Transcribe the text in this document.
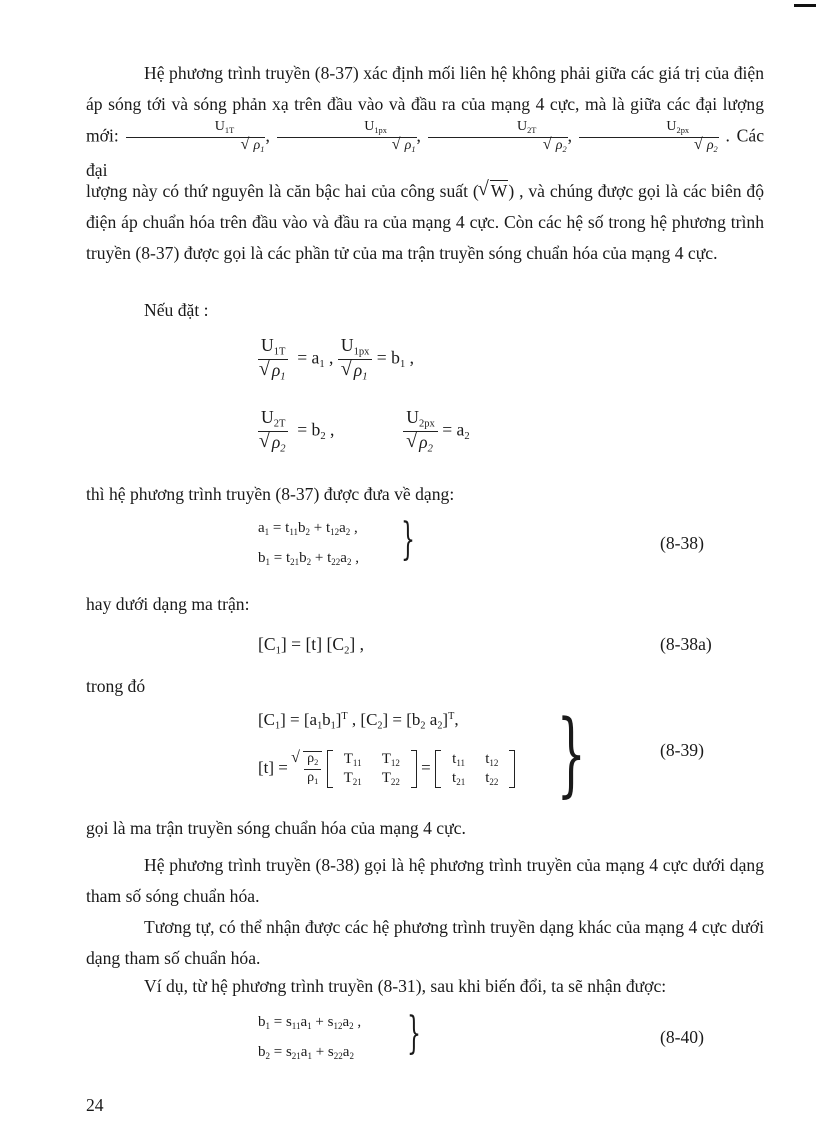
Hệ phương trình truyền (8-37) xác định mối liên hệ không phải giữa các giá trị của điện áp sóng tới và sóng phản xạ trên đầu vào và đầu ra của mạng 4 cực, mà là giữa các đại lượng mới: $U_{1T}$
√ $\rho_1$ , $U_{1px}$
√ $\rho_1$ , $U_{2T}$
√ $\rho_2$ , $U_{2px}$
√ $\rho_2$ . Các đại
lượng này có thứ nguyên là căn bậc hai của công suất ( √ W) , và chúng được gọi là các biên độ điện áp chuẩn hóa trên đầu vào và đầu ra của mạng 4 cực. Còn các hệ số trong hệ phương trình truyền (8-37) được gọi là các phần tử của ma trận truyền sóng chuẩn hóa của mạng 4 cực.
Nếu đặt :
$U_{1T}$
√ $\rho_1 = a_1$ , $U_{1px}$
√ $\rho_1 = b_1$ ,
$U_{2T}$
√ $\rho_2 = b_2$ ,	$U_{2px}$
√ $\rho_2 = a_2$
thì hệ phương trình truyền (8-37) được đưa về dạng:
$a_1 = t_{11}b_2 + t_{12}a_2$ ,
$b_1 = t_{21}b_2 + t_{22}a_2$ , }	(8-38)
hay dưới dạng ma trận:
$[C_1] = [t]$ $[C_2]$ ,	(8-38a)
trong đó
$[C_1] = [a_1b_1]^T$ , $[C_2] = [b_2$ $a_2]^T$,
[t] = √ $\frac{\rho_2}{\rho_1}$
$T_{11}$	$T_{12}$
$T_{21}$	$T_{22}$
= $t_{11}$	$t_{12}$
$t_{21}$	$t_{22}$ }	(8-39)
gọi là ma trận truyền sóng chuẩn hóa của mạng 4 cực.
Hệ phương trình truyền (8-38) gọi là hệ phương trình truyền của mạng 4 cực dưới dạng tham số sóng chuẩn hóa.
Tương tự, có thể nhận được các hệ phương trình truyền dạng khác của mạng 4 cực dưới dạng tham số chuẩn hóa.
Ví dụ, từ hệ phương trình truyền (8-31), sau khi biến đổi, ta sẽ nhận được:
$b_1 = s_{11}a_1 + s_{12}a_2$ ,
$b_2 = s_{21}a_1 + s_{22}a_2$ }	(8-40)
24
